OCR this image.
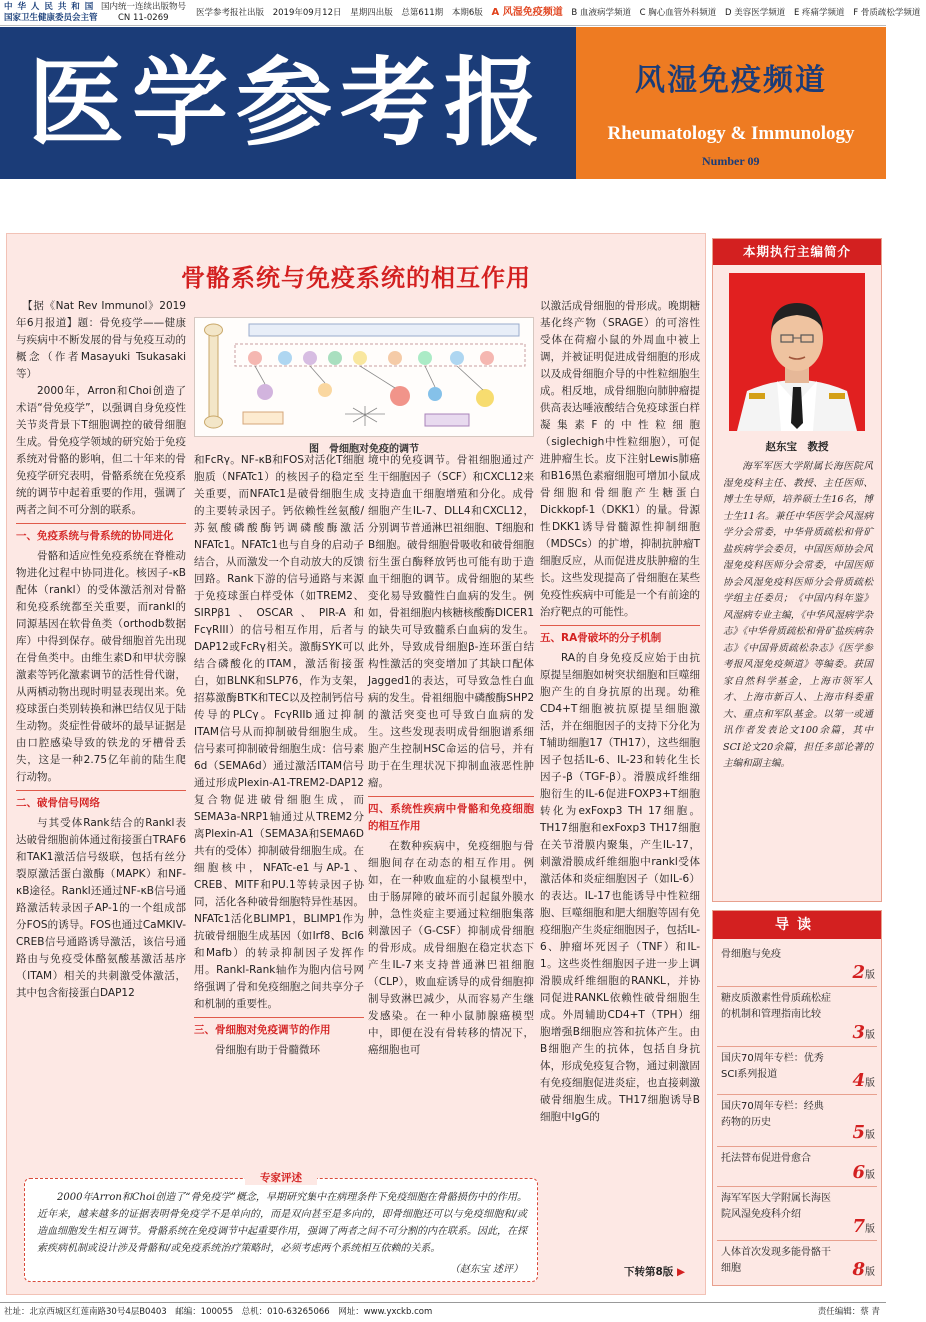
中 华 人 民 共 和 国
国家卫生健康委员会主管
国内统一连续出版物号
CN 11-0269	医学参考报社出版 2019年09月12日 星期四出版 总第611期 本期6版 A 风湿免疫频道 B 血液病学频道 C 胸心血管外科频道 D 美容医学频道 E 疼痛学频道 F 骨质疏松学频道
医学参考报	风湿免疫频道
Rheumatology & Immunology
Number 09
骨骼系统与免疫系统的相互作用

【据《Nat Rev Immunol》2019年6月报道】题：骨免疫学——健康与疾病中不断发展的骨与免疫互动的概念（作者Masayuki Tsukasaki等）

2000年，Arron和Choi创造了术语“骨免疫学”，以强调自身免疫性关节炎背景下T细胞调控的破骨细胞生成。骨免疫学领域的研究始于免疫系统对骨骼的影响，但二十年来的骨免疫学研究表明，骨骼系统在免疫系统的调节中起着重要的作用，强调了两者之间不可分割的联系。

一、免疫系统与骨系统的协同进化

骨骼和适应性免疫系统在脊椎动物进化过程中协同进化。核因子-κB配体（rankl）的受体激活剂对骨骼和免疫系统都至关重要，而rankl的同源基因在软骨鱼类（orthodb数据库）中得到保存。破骨细胞首先出现在骨鱼类中。由维生素D和甲状旁腺激素等钙化激素调节的活性骨代谢，从两栖动物出现时明显表现出来。免疫球蛋白类别转换和淋巴结仅见于陆生动物。炎症性骨破坏的最早证据是由口腔感染导致的铁龙的牙槽骨丢失，这是一种2.75亿年前的陆生爬行动物。

二、破骨信号网络

与其受体Rank结合的Rankl表达破骨细胞前体通过衔接蛋白TRAF6和TAK1激活信号级联，包括有丝分裂原激活蛋白激酶（MAPK）和NF-κB途径。Rankl还通过NF-κB信号通路激活转录因子AP-1的一个组成部分FOS的诱导。FOS也通过CaMKIV-CREB信号通路诱导激活，该信号通路由与免疫受体酪氨酸基激活基序（ITAM）相关的共刺激受体激活，其中包含衔接蛋白DAP12

图　骨细胞对免疫的调节

和FcRγ。NF-κB和FOS对活化T细胞胞质（NFATc1）的核因子的稳定至关重要，而NFATc1是破骨细胞生成的主要转录因子。钙依赖性丝氨酸/苏氨酸磷酸酶钙调磷酸酶激活NFATc1。NFATc1也与自身的启动子结合，从而激发一个自动放大的反馈回路。Rank下游的信号通路与来源于免疫球蛋白样受体（如TREM2、SIRPβ1、OSCAR、PIR-A和FcγRIII）的信号相互作用，后者与DAP12或FcRγ相关。激酶SYK可以结合磷酸化的ITAM，激活衔接蛋白，如BLNK和SLP76，作为支架，招募激酶BTK和TEC以及控制钙信号传导的PLCγ。FcγRIIb通过抑制ITAM信号从而抑制破骨细胞生成。信号素可抑制破骨细胞生成：信号素6d（SEMA6d）通过激活ITAM信号通过形成Plexin-A1-TREM2-DAP12复合物促进破骨细胞生成，而SEMA3a-NRP1轴通过从TREM2分离Plexin-A1（SEMA3A和SEMA6D共有的受体）抑制破骨细胞生成。在细胞核中，NFATc-e1与AP-1、CREB、MITF和PU.1等转录因子协同，活化各种破骨细胞特异性基因。NFATc1活化BLIMP1，BLIMP1作为抗破骨细胞生成基因（如Irf8、Bcl6和Mafb）的转录抑制因子发挥作用。Rankl-Rank轴作为胞内信号网络强调了骨和免疫细胞之间共享分子和机制的重要性。

三、骨细胞对免疫调节的作用

骨细胞有助于骨髓微环

境中的免疫调节。骨祖细胞通过产生干细胞因子（SCF）和CXCL12来支持造血干细胞增殖和分化。成骨细胞产生IL-7、DLL4和CXCL12，分别调节普通淋巴祖细胞、T细胞和B细胞。破骨细胞骨吸收和破骨细胞衍生蛋白酶释放钙也可能有助于造血干细胞的调节。成骨细胞的某些变化易导致髓性白血病的发生。例如，骨祖细胞内核糖核酸酶DICER1的缺失可导致髓系白血病的发生。此外，导致成骨细胞β-连环蛋白结构性激活的突变增加了其缺口配体Jagged1的表达，可导致急性白血病的发生。骨祖细胞中磷酸酶SHP2的激活突变也可导致白血病的发生。这些发现表明成骨细胞谱系细胞产生控制HSC命运的信号，并有助于在生理状况下抑制血液恶性肿瘤。

四、系统性疾病中骨骼和免疫细胞的相互作用

在数种疾病中，免疫细胞与骨细胞间存在动态的相互作用。例如，在一种败血症的小鼠模型中，由于肠屏障的破坏而引起鼠外膜水肿，急性炎症主要通过粒细胞集落刺激因子（G-CSF）抑制成骨细胞的骨形成。成骨细胞在稳定状态下产生IL-7来支持普通淋巴祖细胞（CLP），败血症诱导的成骨细胞抑制导致淋巴减少，从而容易产生继发感染。在一种小鼠肺腺癌模型中，即便在没有骨转移的情况下，癌细胞也可

以激活成骨细胞的骨形成。晚期糖基化终产物（SRAGE）的可溶性受体在荷瘤小鼠的外周血中被上调，并被证明促进成骨细胞的形成以及成骨细胞介导的中性粒细胞生成。相反地，成骨细胞向肺肿瘤提供高表达唾液酸结合免疫球蛋白样凝集素F的中性粒细胞（siglechigh中性粒细胞），可促进肿瘤生长。皮下注射Lewis肺癌和B16黑色素瘤细胞可增加小鼠成骨细胞和骨细胞产生糖蛋白Dickkopf-1（DKK1）的量。骨源性DKK1诱导骨髓源性抑制细胞（MDSCs）的扩增，抑制抗肿瘤T细胞反应，从而促进皮肤肿瘤的生长。这些发现提高了骨细胞在某些免疫性疾病中可能是一个有前途的治疗靶点的可能性。

五、RA骨破坏的分子机制

RA的自身免疫反应始于由抗原提呈细胞如树突状细胞和巨噬细胞产生的自身抗原的出现。幼稚CD4+T细胞被抗原提呈细胞激活，并在细胞因子的支持下分化为T辅助细胞17（TH17），这些细胞因子包括IL-6、IL-23和转化生长因子-β（TGF-β）。滑膜成纤维细胞衍生的IL-6促进FOXP3+T细胞转化为exFoxp3 TH 17细胞。TH17细胞和exFoxp3 TH17细胞在关节滑膜内聚集，产生IL-17，刺激滑膜成纤维细胞中rankl受体激活体和炎症细胞因子（如IL-6）的表达。IL-17也能诱导中性粒细胞、巨噬细胞和肥大细胞等固有免疫细胞产生炎症细胞因子，包括IL-6、肿瘤坏死因子（TNF）和IL-1。这些炎性细胞因子进一步上调滑膜成纤维细胞的RANKL，并协同促进RANKL依赖性破骨细胞生成。外周辅助CD4+T（TPH）细胞增强B细胞应答和抗体产生。由B细胞产生的抗体，包括自身抗体，形成免疫复合物，通过刺激固有免疫细胞促进炎症，也直接刺激破骨细胞生成。TH17细胞诱导B细胞中IgG的

专家评述
2000年Arron和Choi创造了“骨免疫学”概念，早期研究集中在病理条件下免疫细胞在骨骼损伤中的作用。近年来，越来越多的证据表明骨免疫学不是单向的，而是双向甚至是多向的，即骨细胞还可以与免疫细胞和/或造血细胞发生相互调节。骨骼系统在免疫调节中起重要作用，强调了两者之间不可分割的内在联系。因此，在探索疾病机制或设计涉及骨骼和/或免疫系统治疗策略时，必须考虑两个系统相互依赖的关系。
（赵东宝 述评）	下转第8版 ▶
本期执行主编简介
赵东宝　教授
海军军医大学附属长海医院风湿免疫科主任、教授、主任医师、博士生导师，培养硕士生16名，博士生11名。兼任中华医学会风湿病学分会常委，中华骨质疏松和骨矿盐疾病学会委员，中国医师协会风湿免疫科医师分会常委，中国医师协会风湿免疫科医师分会骨质疏松学组主任委员；《中国内科年鉴》风湿病专业主编，《中华风湿病学杂志》《中华骨质疏松和骨矿盐疾病杂志》《中国骨质疏松杂志》《医学参考报风湿免疫频道》等编委。获国家自然科学基金，上海市领军人才、上海市新百人、上海市科委重大、重点和军队基金。以第一或通讯作者发表论文100余篇，其中SCI论文20余篇，担任多部论著的主编和副主编。
导读
骨细胞与免疫
2版
糖皮质激素性骨质疏松症的机制和管理指南比较
3版
国庆70周年专栏：优秀SCI系列报道	4版
国庆70周年专栏：经典药物的历史	5版
托法替布促进骨愈合
6版
海军军医大学附属长海医院风湿免疫科介绍
7版
人体首次发现多能骨骼干细胞	8版
社址：北京西城区红莲南路30号4层B0403　邮编：100055　总机：010-63265066　网址：www.yxckb.com	责任编辑：蔡 青
